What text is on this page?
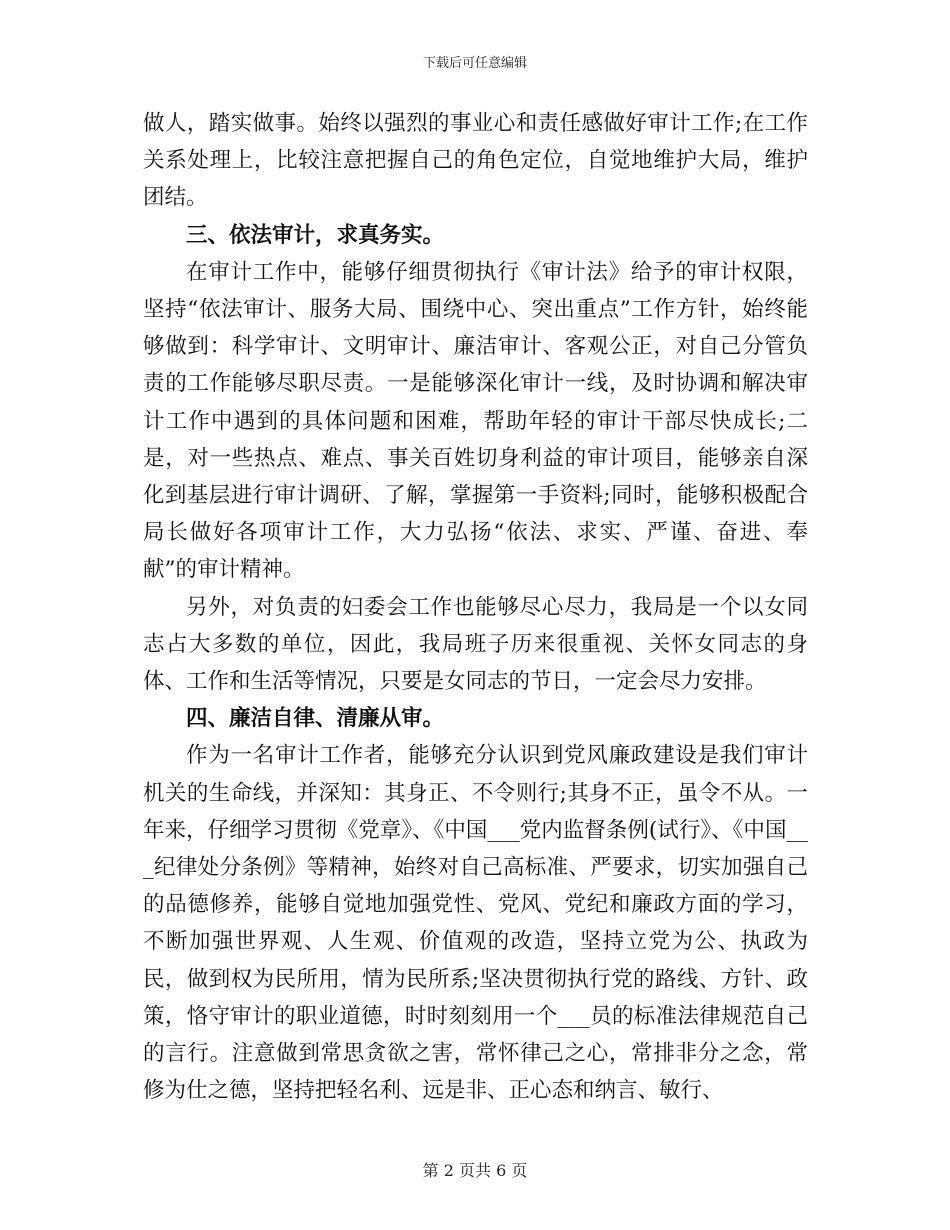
下载后可任意编辑

做人，踏实做事。始终以强烈的事业心和责任感做好审计工作;在工作关系处理上，比较注意把握自己的角色定位，自觉地维护大局，维护团结。

三、依法审计，求真务实。

在审计工作中，能够仔细贯彻执行《审计法》给予的审计权限，坚持“依法审计、服务大局、围绕中心、突出重点”工作方针，始终能够做到：科学审计、文明审计、廉洁审计、客观公正，对自己分管负责的工作能够尽职尽责。一是能够深化审计一线，及时协调和解决审计工作中遇到的具体问题和困难，帮助年轻的审计干部尽快成长;二是，对一些热点、难点、事关百姓切身利益的审计项目，能够亲自深化到基层进行审计调研、了解，掌握第一手资料;同时，能够积极配合局长做好各项审计工作，大力弘扬“依法、求实、严谨、奋进、奉献”的审计精神。

另外，对负责的妇委会工作也能够尽心尽力，我局是一个以女同志占大多数的单位，因此，我局班子历来很重视、关怀女同志的身体、工作和生活等情况，只要是女同志的节日，一定会尽力安排。

四、廉洁自律、清廉从审。

作为一名审计工作者，能够充分认识到党风廉政建设是我们审计机关的生命线，并深知：其身正、不令则行;其身不正，虽令不从。一年来，仔细学习贯彻《党章》、《中国___党内监督条例(试行》、《中国___纪律处分条例》等精神，始终对自己高标准、严要求，切实加强自己的品德修养，能够自觉地加强党性、党风、党纪和廉政方面的学习，不断加强世界观、人生观、价值观的改造，坚持立党为公、执政为民，做到权为民所用，情为民所系;坚决贯彻执行党的路线、方针、政策，恪守审计的职业道德，时时刻刻用一个___员的标准法律规范自己的言行。注意做到常思贪欲之害，常怀律己之心，常排非分之念，常修为仕之德，坚持把轻名利、远是非、正心态和纳言、敏行、

第 2 页共 6 页
